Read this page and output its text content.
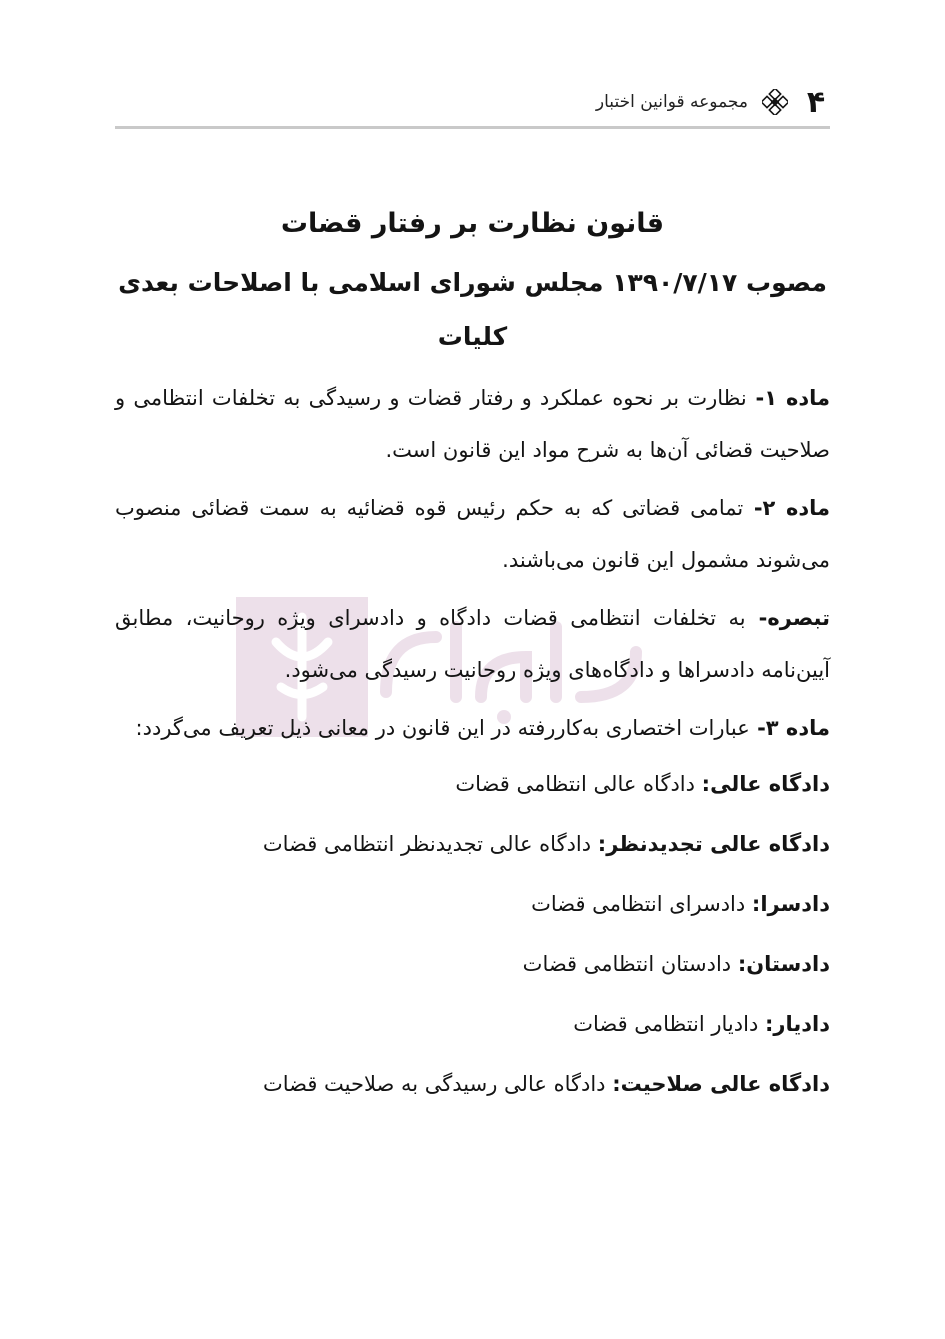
۴
مجموعه قوانین اختبار
قانون نظارت بر رفتار قضات
مصوب ۱۳۹۰/۷/۱۷ مجلس شورای اسلامی با اصلاحات بعدی
کلیات

ماده ۱- نظارت بر نحوه عملکرد و رفتار قضات و رسیدگی به تخلفات انتظامی و صلاحیت قضائی آن‌ها به شرح مواد این قانون است.

ماده ۲- تمامی قضاتی که به حکم رئیس قوه قضائیه به سمت قضائی منصوب می‌شوند مشمول این قانون می‌باشند.

تبصره- به تخلفات انتظامی قضات دادگاه و دادسرای ویژه روحانیت، مطابق آیین‌نامه دادسراها و دادگاه‌های ویژه روحانیت رسیدگی می‌شود.

ماده ۳- عبارات اختصاری به‌کاررفته در این قانون در معانی ذیل تعریف می‌گردد:

دادگاه عالی: دادگاه عالی انتظامی قضات

دادگاه عالی تجدیدنظر: دادگاه عالی تجدیدنظر انتظامی قضات

دادسرا: دادسرای انتظامی قضات

دادستان: دادستان انتظامی قضات

دادیار: دادیار انتظامی قضات

دادگاه عالی صلاحیت: دادگاه عالی رسیدگی به صلاحیت قضات
